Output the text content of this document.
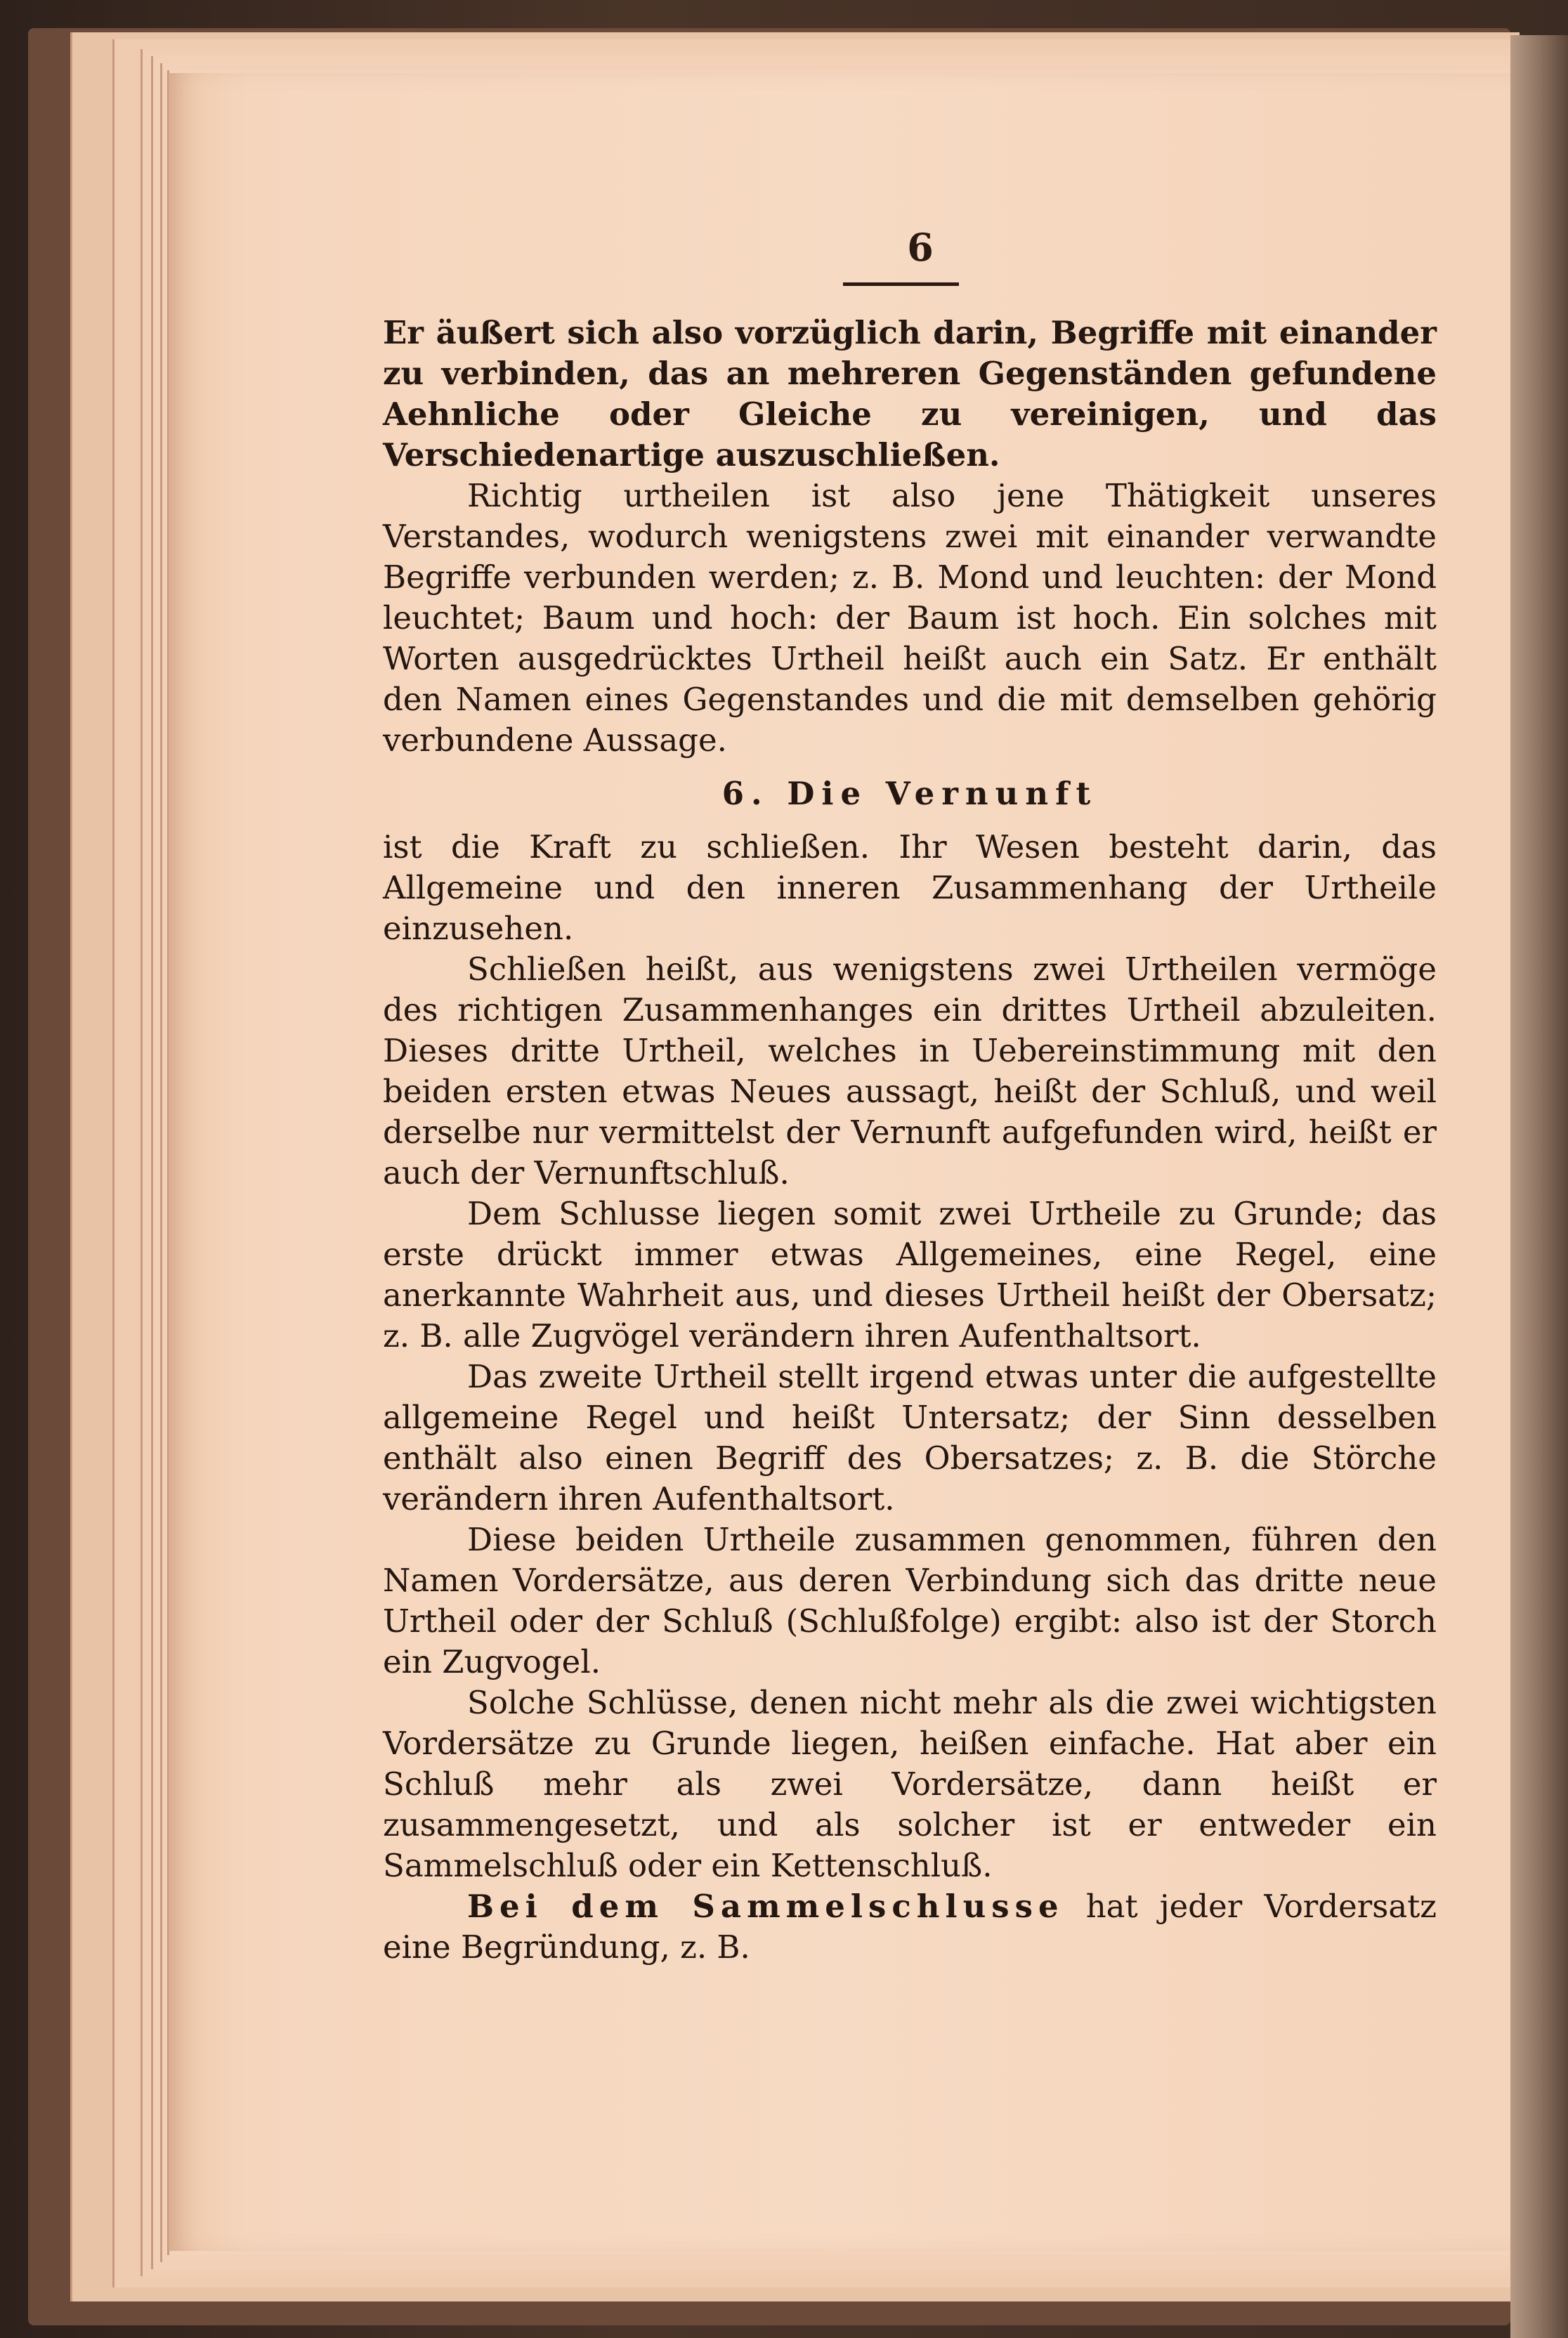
6

Er äußert sich also vorzüglich darin, Begriffe mit einander zu verbinden, das an mehreren Gegenständen gefundene Aehnliche oder Gleiche zu vereinigen, und das Verschiedenartige auszuschließen.

Richtig urtheilen ist also jene Thätigkeit unseres Verstandes, wodurch wenigstens zwei mit einander verwandte Begriffe verbunden werden; z. B. Mond und leuchten: der Mond leuchtet; Baum und hoch: der Baum ist hoch. Ein solches mit Worten ausgedrücktes Urtheil heißt auch ein Satz. Er enthält den Namen eines Gegenstandes und die mit demselben gehörig verbundene Aussage.

6. Die Vernunft

ist die Kraft zu schließen. Ihr Wesen besteht darin, das Allgemeine und den inneren Zusammenhang der Urtheile einzusehen.

Schließen heißt, aus wenigstens zwei Urtheilen vermöge des richtigen Zusammenhanges ein drittes Urtheil abzuleiten. Dieses dritte Urtheil, welches in Uebereinstimmung mit den beiden ersten etwas Neues aussagt, heißt der Schluß, und weil derselbe nur vermittelst der Vernunft aufgefunden wird, heißt er auch der Vernunftschluß.

Dem Schlusse liegen somit zwei Urtheile zu Grunde; das erste drückt immer etwas Allgemeines, eine Regel, eine anerkannte Wahrheit aus, und dieses Urtheil heißt der Obersatz; z. B. alle Zugvögel verändern ihren Aufenthaltsort.

Das zweite Urtheil stellt irgend etwas unter die aufgestellte allgemeine Regel und heißt Untersatz; der Sinn desselben enthält also einen Begriff des Obersatzes; z. B. die Störche verändern ihren Aufenthaltsort.

Diese beiden Urtheile zusammen genommen, führen den Namen Vordersätze, aus deren Verbindung sich das dritte neue Urtheil oder der Schluß (Schlußfolge) ergibt: also ist der Storch ein Zugvogel.

Solche Schlüsse, denen nicht mehr als die zwei wichtigsten Vordersätze zu Grunde liegen, heißen einfache. Hat aber ein Schluß mehr als zwei Vordersätze, dann heißt er zusammengesetzt, und als solcher ist er entweder ein Sammelschluß oder ein Kettenschluß.

Bei dem Sammelschlusse hat jeder Vordersatz eine Begründung, z. B.
